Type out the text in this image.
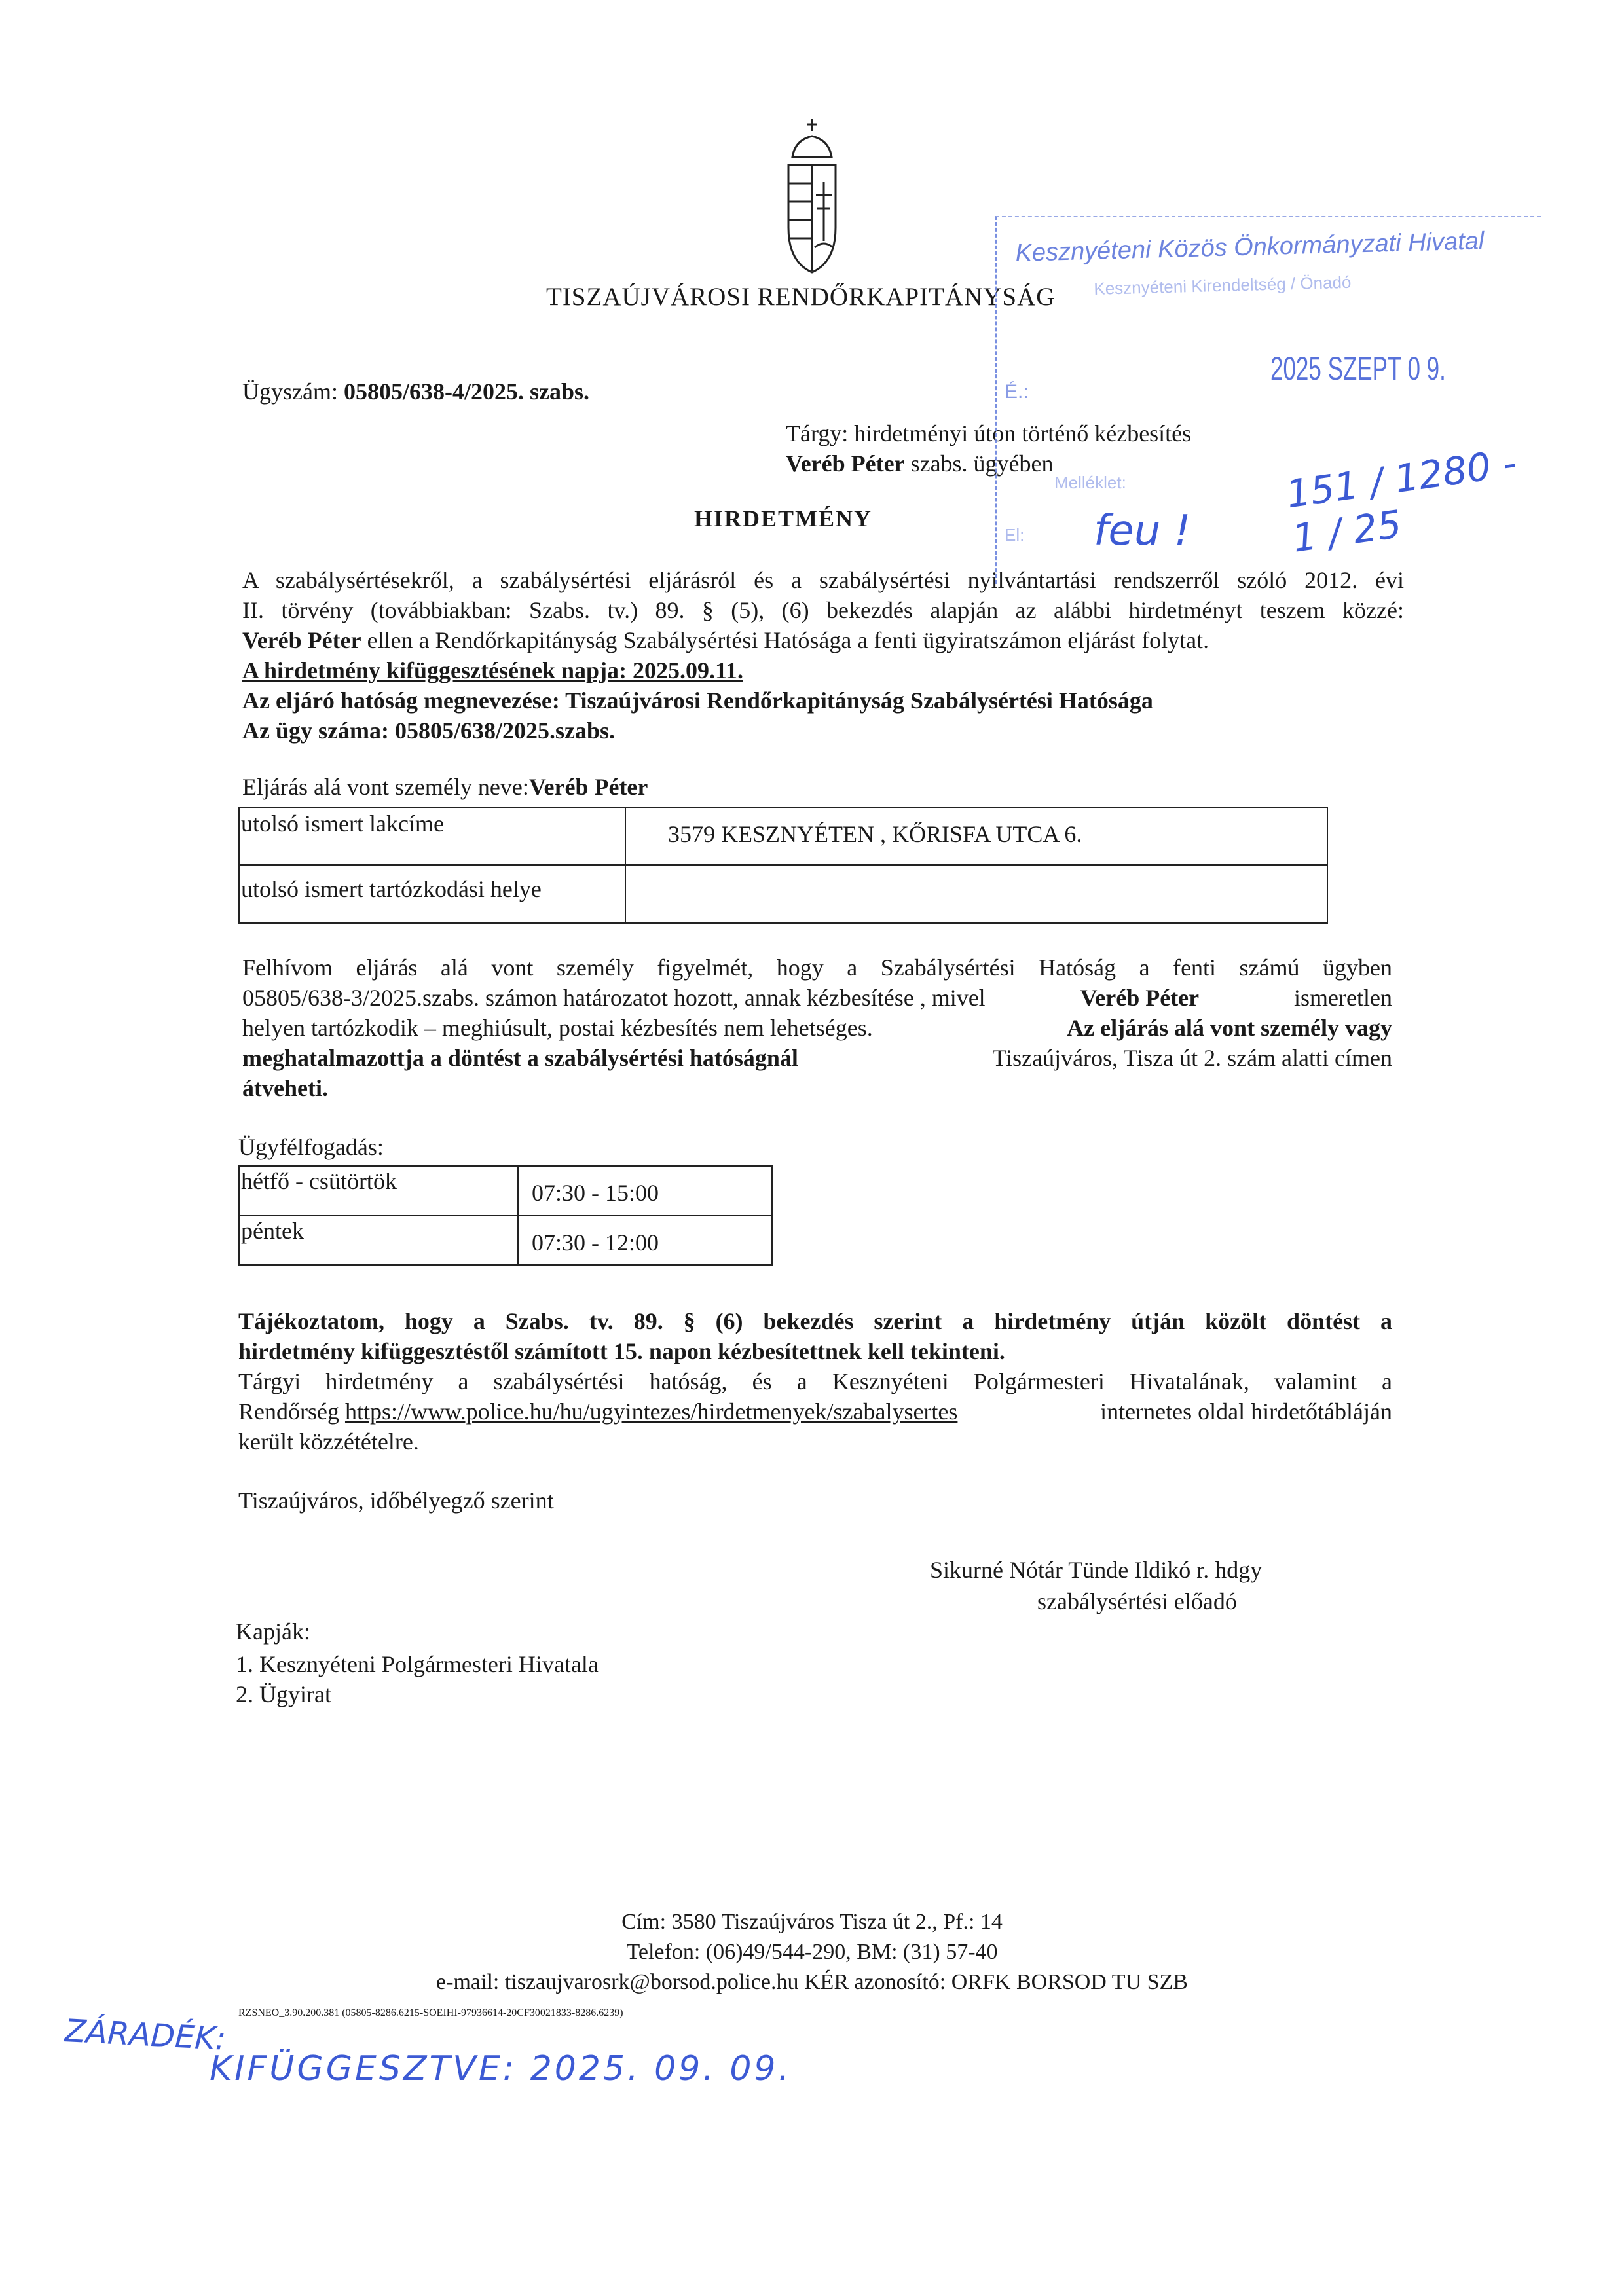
TISZAÚJVÁROSI RENDŐRKAPITÁNYSÁG
Ügyszám: 05805/638-4/2025. szabs.
Tárgy: hirdetményi úton történő kézbesítés
Veréb Péter szabs. ügyében
HIRDETMÉNY
A szabálysértésekről, a szabálysértési eljárásról és a szabálysértési nyilvántartási rendszerről szóló 2012. évi
II. törvény (továbbiakban: Szabs. tv.) 89. § (5), (6) bekezdés alapján az alábbi hirdetményt teszem közzé:
Veréb Péter ellen a Rendőrkapitányság Szabálysértési Hatósága a fenti ügyiratszámon eljárást folytat.
A hirdetmény kifüggesztésének napja: 2025.09.11.
Az eljáró hatóság megnevezése: Tiszaújvárosi Rendőrkapitányság Szabálysértési Hatósága
Az ügy száma: 05805/638/2025.szabs.
Eljárás alá vont személy neve:Veréb Péter
utolsó ismert lakcíme	3579 KESZNYÉTEN , KŐRISFA UTCA 6.
utolsó ismert tartózkodási helye
Felhívom eljárás alá vont személy figyelmét, hogy a Szabálysértési Hatóság a fenti számú ügyben
05805/638-3/2025.szabs. számon határozatot hozott, annak kézbesítése , mivel	Veréb Péter	ismeretlen
helyen tartózkodik – meghiúsult, postai kézbesítés nem lehetséges.	Az eljárás alá vont személy vagy
meghatalmazottja a döntést a szabálysértési hatóságnál	Tiszaújváros, Tisza út 2. szám alatti címen
átveheti.
Ügyfélfogadás:
hétfő - csütörtök	07:30 - 15:00
péntek	07:30 - 12:00
Tájékoztatom, hogy a Szabs. tv. 89. § (6) bekezdés szerint a hirdetmény útján közölt döntést a
hirdetmény kifüggesztéstől számított 15. napon kézbesítettnek kell tekinteni.
Tárgyi hirdetmény a szabálysértési hatóság, és a Kesznyéteni Polgármesteri Hivatalának, valamint a
Rendőrség https://www.police.hu/hu/ugyintezes/hirdetmenyek/szabalysertes	internetes oldal hirdetőtábláján
került közzétételre.
Tiszaújváros, időbélyegző szerint
Sikurné Nótár Tünde Ildikó r. hdgy
szabálysértési előadó
Kapják:
1. Kesznyéteni Polgármesteri Hivatala
2. Ügyirat
Cím: 3580 Tiszaújváros Tisza út 2., Pf.: 14
Telefon: (06)49/544-290, BM: (31) 57-40
e-mail: tiszaujvarosrk@borsod.police.hu KÉR azonosító: ORFK BORSOD TU SZB
RZSNEO_3.90.200.381 (05805-8286.6215-SOEIHI-97936614-20CF30021833-8286.6239)
Kesznyéteni Közös Önkormányzati Hivatal
Kesznyéteni Kirendeltség / Önadó
2025 SZEPT 0 9.
É.:
Melléklet:
El:
151 / 1280 - 1 / 25
feu !
ZÁRADÉK:
KIFÜGGESZTVE: 2025. 09. 09.
